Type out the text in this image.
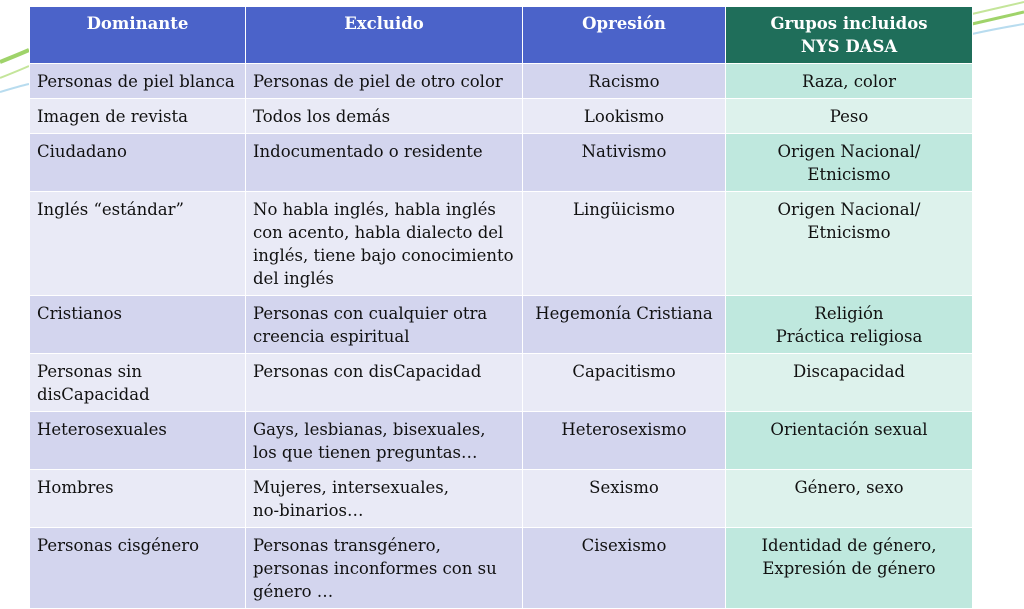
Dominante	Excluido	Opresión	Grupos incluidos
NYS DASA

Personas de piel blanca	Personas de piel de otro color	Racismo	Raza, color

Imagen de revista	Todos los demás	Lookismo	Peso

Ciudadano	Indocumentado o residente	Nativismo	Origen Nacional/
Etnicismo

Inglés “estándar”	No habla inglés, habla inglés
con acento, habla dialecto del
inglés, tiene bajo conocimiento
del inglés	Lingüicismo	Origen Nacional/
Etnicismo

Cristianos	Personas con cualquier otra
creencia espiritual	Hegemonía Cristiana	Religión
Práctica religiosa

Personas sin
disCapacidad	Personas con disCapacidad	Capacitismo	Discapacidad

Heterosexuales	Gays, lesbianas, bisexuales,
los que tienen preguntas…	Heterosexismo	Orientación sexual

Hombres	Mujeres, intersexuales,
no-binarios…	Sexismo	Género, sexo

Personas cisgénero	Personas transgénero,
personas inconformes con su
género …	Cisexismo	Identidad de género,
Expresión de género
